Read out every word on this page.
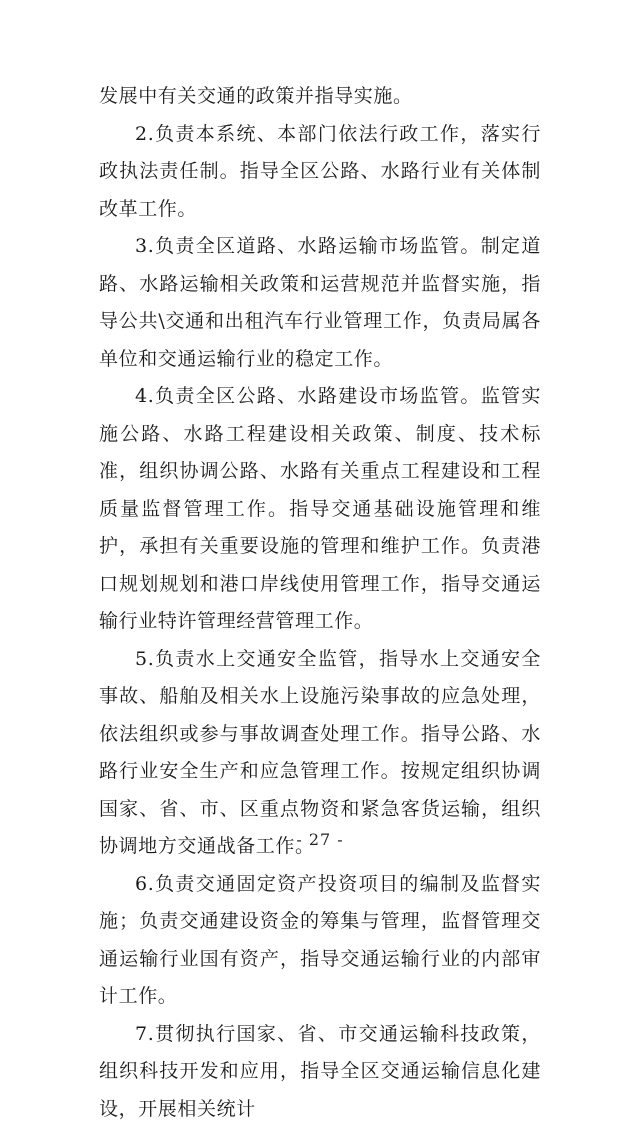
发展中有关交通的政策并指导实施。

2.负责本系统、本部门依法行政工作，落实行政执法责任制。指导全区公路、水路行业有关体制改革工作。

3.负责全区道路、水路运输市场监管。制定道路、水路运输相关政策和运营规范并监督实施，指导公共\交通和出租汽车行业管理工作，负责局属各单位和交通运输行业的稳定工作。

4.负责全区公路、水路建设市场监管。监管实施公路、水路工程建设相关政策、制度、技术标准，组织协调公路、水路有关重点工程建设和工程质量监督管理工作。指导交通基础设施管理和维护，承担有关重要设施的管理和维护工作。负责港口规划规划和港口岸线使用管理工作，指导交通运输行业特许管理经营管理工作。

5.负责水上交通安全监管，指导水上交通安全事故、船舶及相关水上设施污染事故的应急处理，依法组织或参与事故调查处理工作。指导公路、水路行业安全生产和应急管理工作。按规定组织协调国家、省、市、区重点物资和紧急客货运输，组织协调地方交通战备工作。

6.负责交通固定资产投资项目的编制及监督实施；负责交通建设资金的筹集与管理，监督管理交通运输行业国有资产，指导交通运输行业的内部审计工作。

7.贯彻执行国家、省、市交通运输科技政策，组织科技开发和应用，指导全区交通运输信息化建设，开展相关统计

- 27 -
